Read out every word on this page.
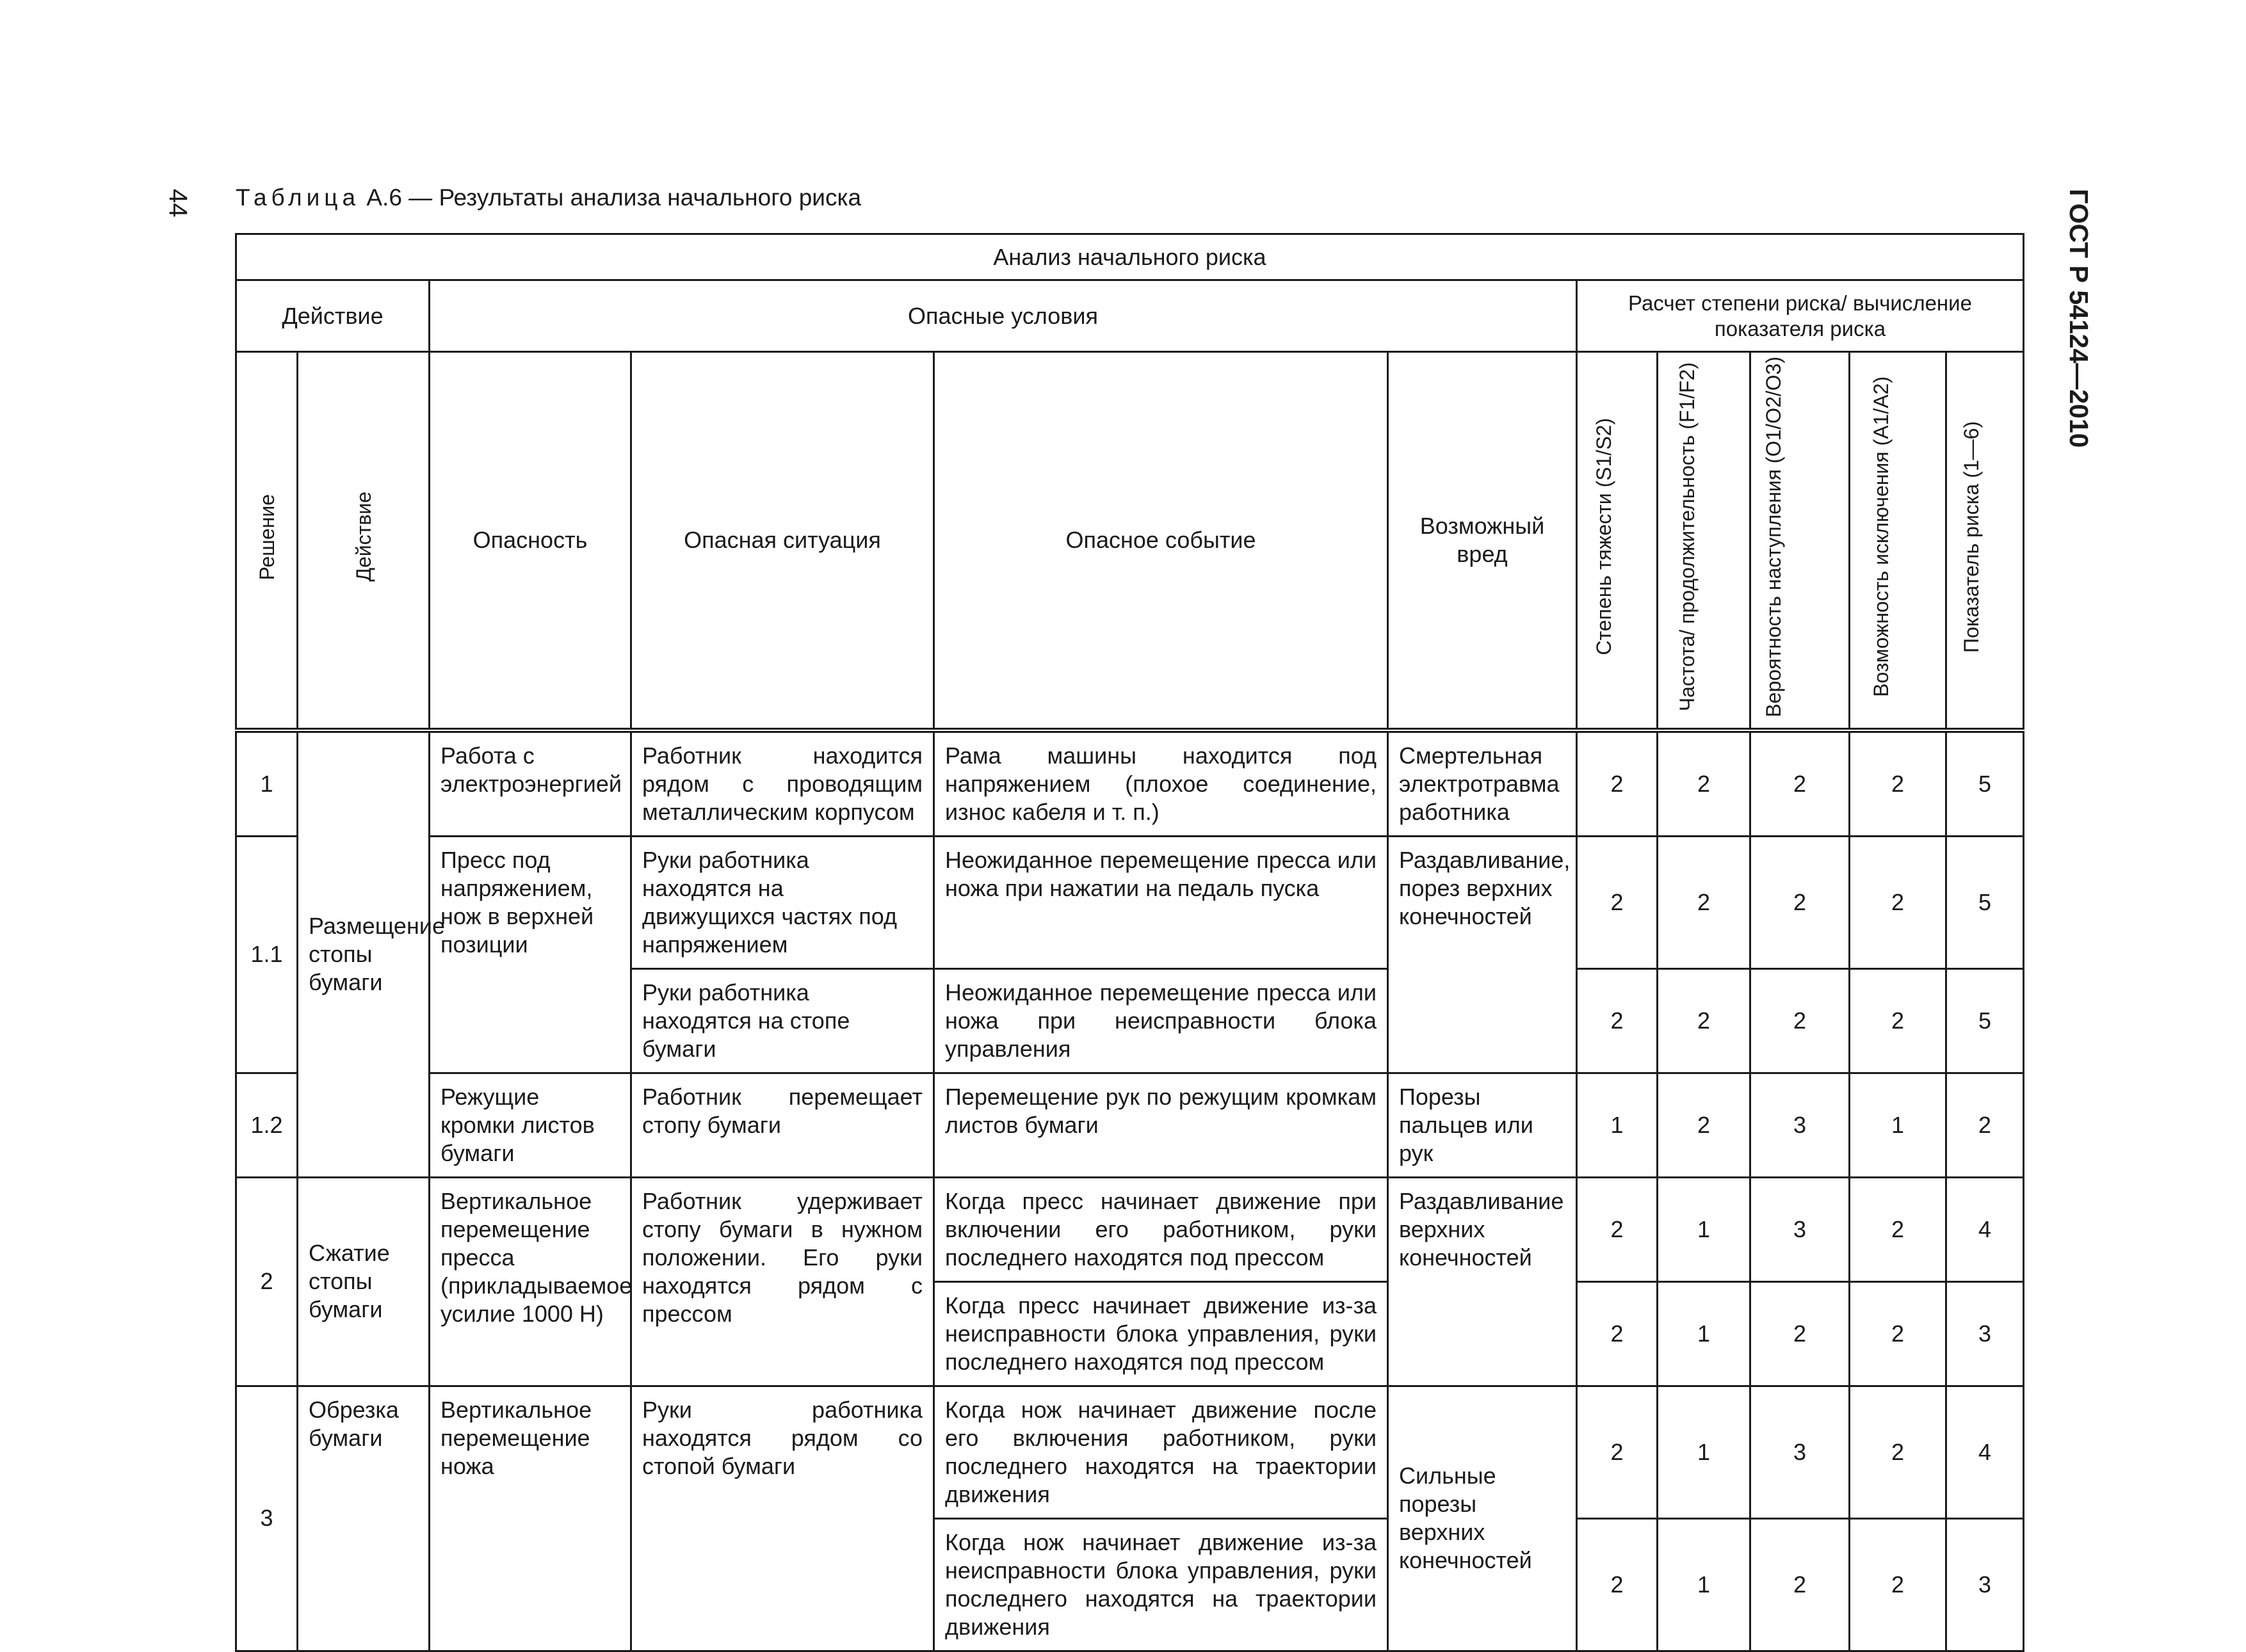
44 Таблица А.6 — Результаты анализа начального риска	ГОСТ Р 54124—2010
Анализ начального риска										
Действие		Опасные условия				Расчет степени риска/ вычисление показателя риска				
Решение	Действие	Опасность	Опасная ситуация	Опасное событие	Возможный вред	Степень тяжести (S1/S2)	Частота/ продолжительность (F1/F2)	Вероятность наступления (O1/O2/O3)	Возможность исключения (A1/A2)	Показатель риска (1—6)
1	Размещение стопы бумаги	Работа с электроэнергией	Работник находится рядом с проводящим металлическим корпусом	Рама машины находится под напряжением (плохое соединение, износ кабеля и т. п.)	Смертельная электротравма работника	2	2	2	2	5
1.1		Пресс под напряжением, нож в верхней позиции	Руки работника находятся на движущихся частях под напряжением	Неожиданное перемещение пресса или ножа при нажатии на педаль пуска	Раздавливание, порез верхних конечностей	2	2	2	2	5
			Руки работника находятся на стопе бумаги	Неожиданное перемещение пресса или ножа при неисправности блока управления		2	2	2	2	5
1.2		Режущие кромки листов бумаги	Работник перемещает стопу бумаги	Перемещение рук по режущим кромкам листов бумаги	Порезы пальцев или рук	1	2	3	1	2
2	Сжатие стопы бумаги	Вертикальное перемещение пресса (прикладываемое усилие 1000 Н)	Работник удерживает стопу бумаги в нужном положении. Его руки находятся рядом с прессом	Когда пресс начинает движение при включении его работником, руки последнего находятся под прессом	Раздавливание верхних конечностей	2	1	3	2	4
				Когда пресс начинает движение из-за неисправности блока управления, руки последнего находятся под прессом		2	1	2	2	3
3	Обрезка бумаги	Вертикальное перемещение ножа	Руки работника находятся рядом со стопой бумаги	Когда нож начинает движение после его включения работником, руки последнего находятся на траектории движения	Сильные порезы верхних конечностей	2	1	3	2	4
				Когда нож начинает движение из-за неисправности блока управления, руки последнего находятся на траектории движения		2	1	2	2	3
